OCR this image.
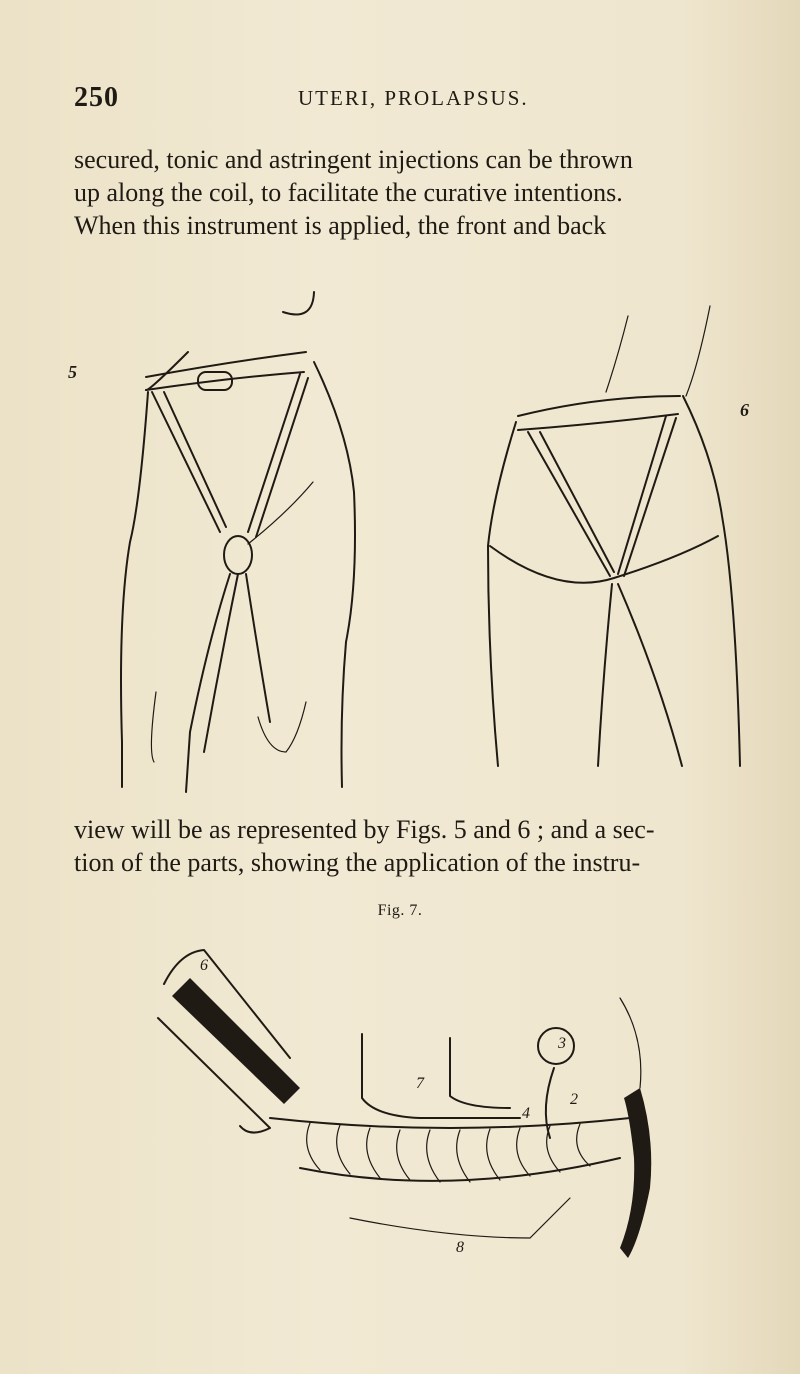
250	UTERI, PROLAPSUS.

secured, tonic and astringent injections can be thrown
up along the coil, to facilitate the curative intentions.
When this instrument is applied, the front and back

5
6

view will be as represented by Figs. 5 and 6 ; and a sec-
tion of the parts, showing the application of the instru-

Fig. 7.
6
3
7
4
2
8
